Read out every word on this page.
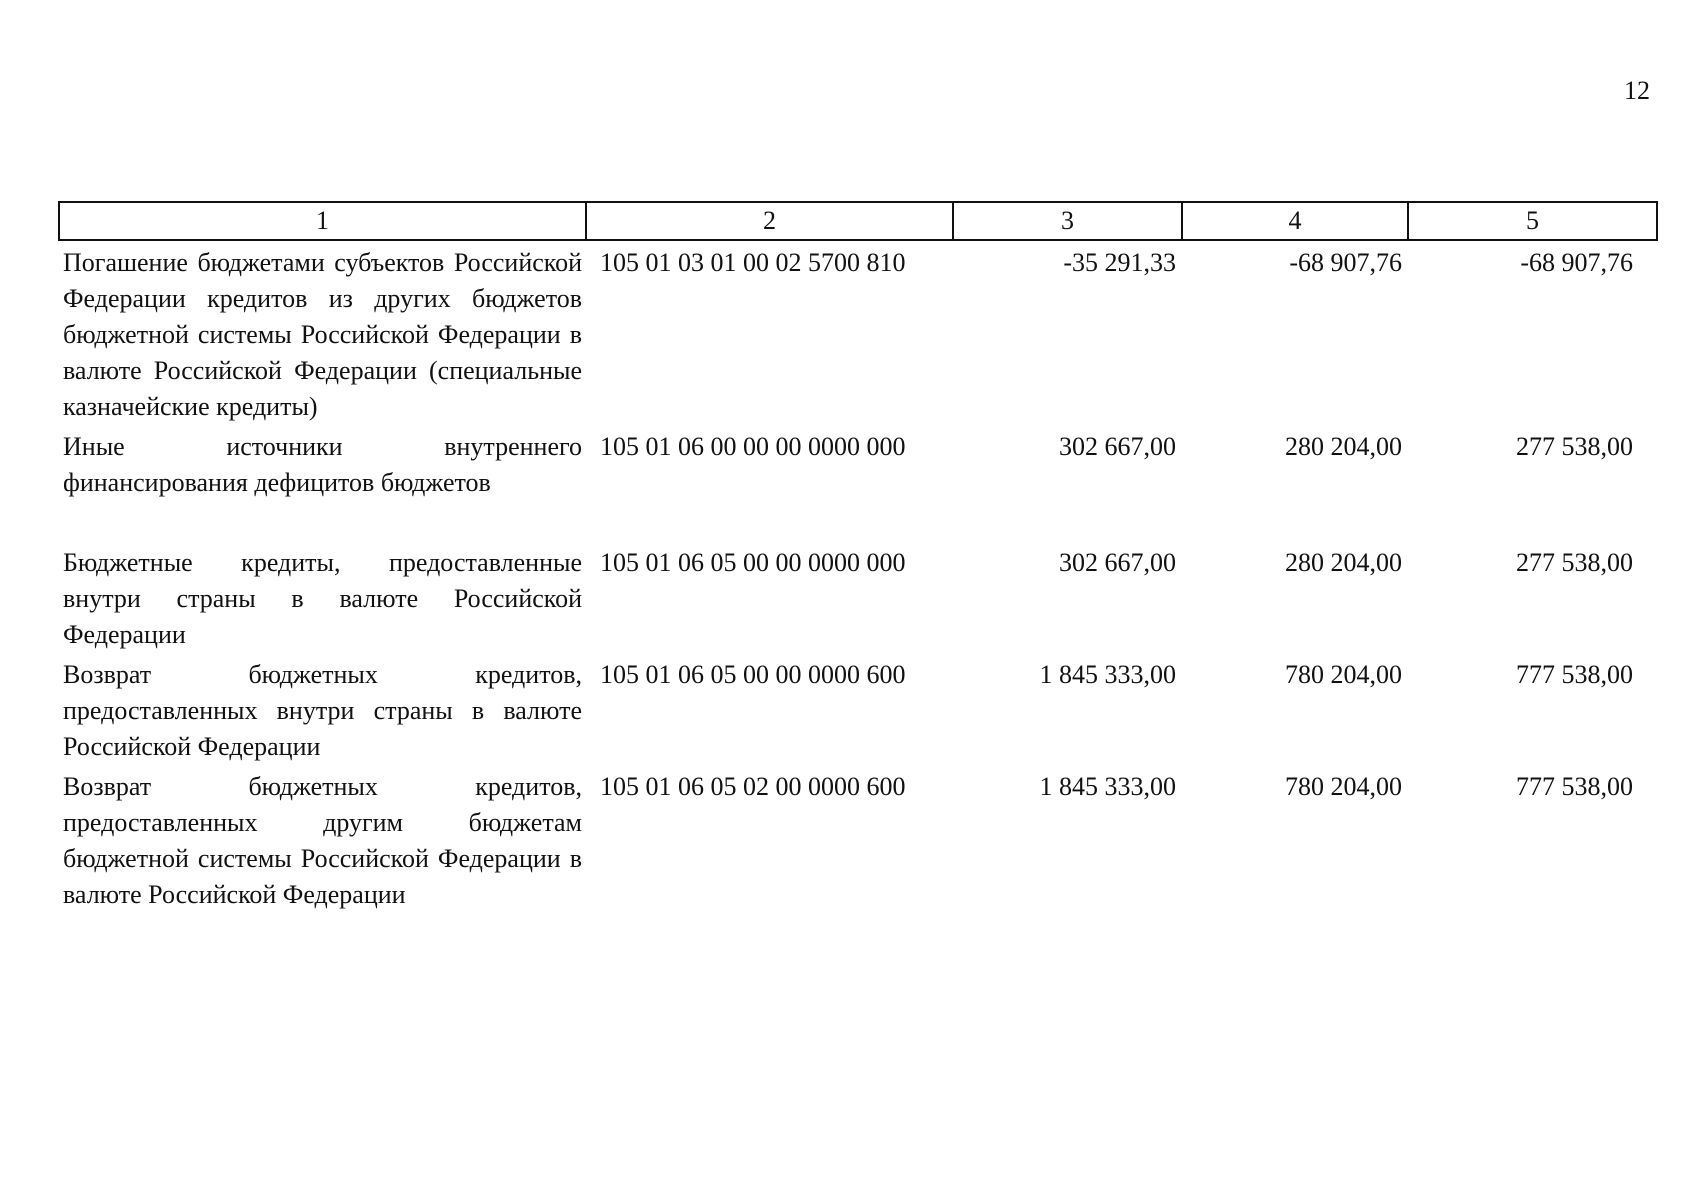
12
1	2	3	4	5
Погашение бюджетами субъектов Российской Федерации кредитов из других бюджетов бюджетной системы Российской Федерации в валюте Российской Федерации (специальные казначейские кредиты)	105 01 03 01 00 02 5700 810	-35 291,33	-68 907,76	-68 907,76
Иные источники внутреннего финансирования дефицитов бюджетов	105 01 06 00 00 00 0000 000	302 667,00	280 204,00	277 538,00
Бюджетные кредиты, предоставленные внутри страны в валюте Российской Федерации	105 01 06 05 00 00 0000 000	302 667,00	280 204,00	277 538,00
Возврат бюджетных кредитов, предоставленных внутри страны в валюте Российской Федерации	105 01 06 05 00 00 0000 600	1 845 333,00	780 204,00	777 538,00
Возврат бюджетных кредитов, предоставленных другим бюджетам бюджетной системы Российской Федерации в валюте Российской Федерации	105 01 06 05 02 00 0000 600	1 845 333,00	780 204,00	777 538,00
